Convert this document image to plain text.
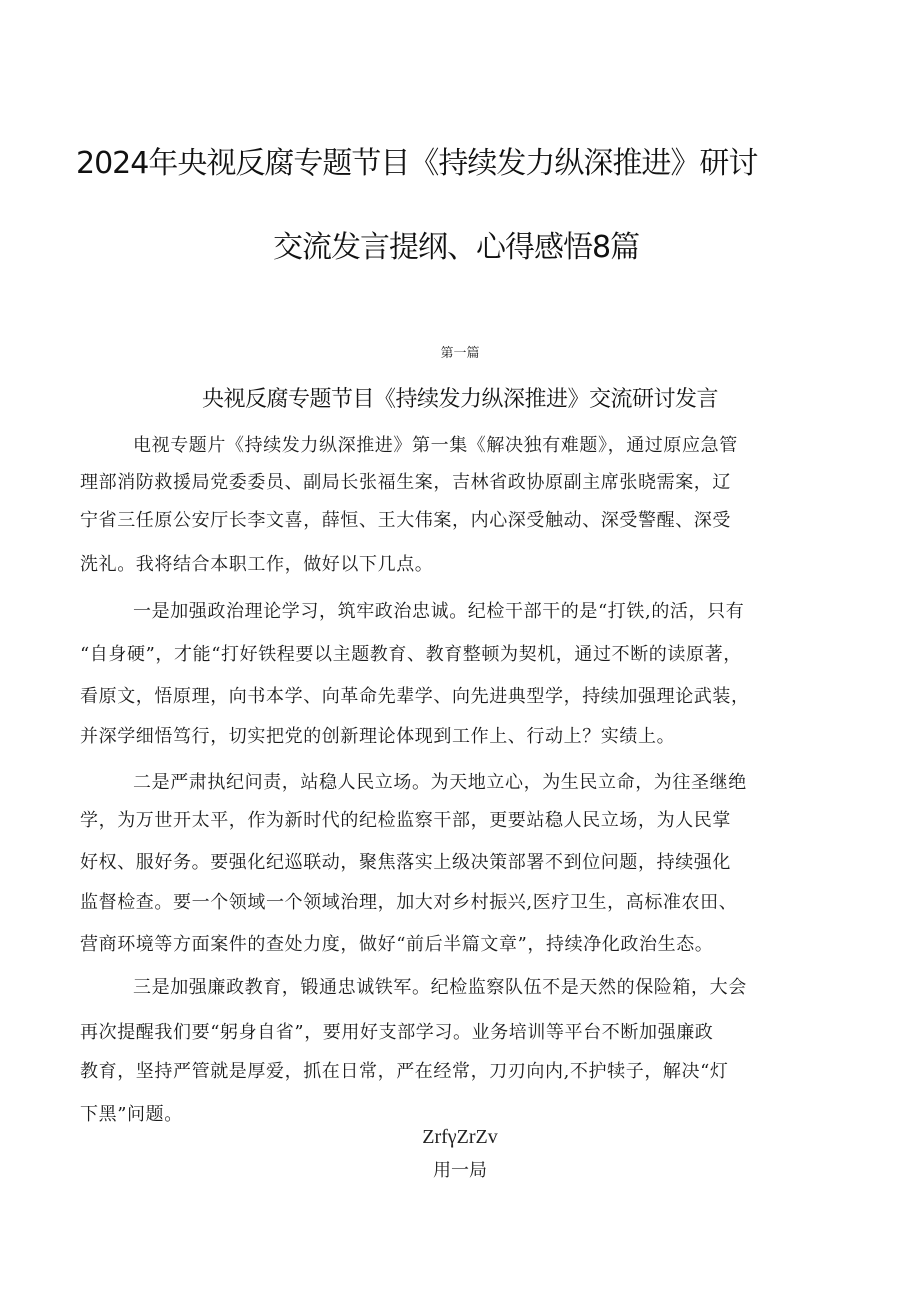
2024年央视反腐专题节目《持续发力纵深推进》研讨
交流发言提纲、心得感悟8篇
第一篇
央视反腐专题节目《持续发力纵深推进》交流研讨发言
电视专题片《持续发力纵深推进》第一集《解决独有难题》，通过原应急管
理部消防救援局党委委员、副局长张福生案，吉林省政协原副主席张晓需案，辽
宁省三任原公安厅长李文喜，薛恒、王大伟案，内心深受触动、深受警醒、深受
洗礼。我将结合本职工作，做好以下几点。
一是加强政治理论学习，筑牢政治忠诚。纪检干部干的是“打铁,的活，只有
“自身硬”，才能“打好铁程要以主题教育、教育整顿为契机，通过不断的读原著，
看原文，悟原理，向书本学、向革命先辈学、向先进典型学，持续加强理论武装，
并深学细悟笃行，切实把党的创新理论体现到工作上、行动上？实绩上。
二是严肃执纪问责，站稳人民立场。为天地立心，为生民立命，为往圣继绝
学，为万世开太平，作为新时代的纪检监察干部，更要站稳人民立场，为人民掌
好权、服好务。要强化纪巡联动，聚焦落实上级决策部署不到位问题，持续强化
监督检查。要一个领域一个领域治理，加大对乡村振兴,医疗卫生，高标准农田、
营商环境等方面案件的查处力度，做好“前后半篇文章”，持续净化政治生态。
三是加强廉政教育，锻通忠诚铁军。纪检监察队伍不是天然的保险箱，大会
再次提醒我们要“躬身自省”，要用好支部学习。业务培训等平台不断加强廉政
教育，坚持严管就是厚爱，抓在日常，严在经常，刀刃向内,不护犊子，解决“灯
下黑”问题。
ZrfγZrZv
用一局
